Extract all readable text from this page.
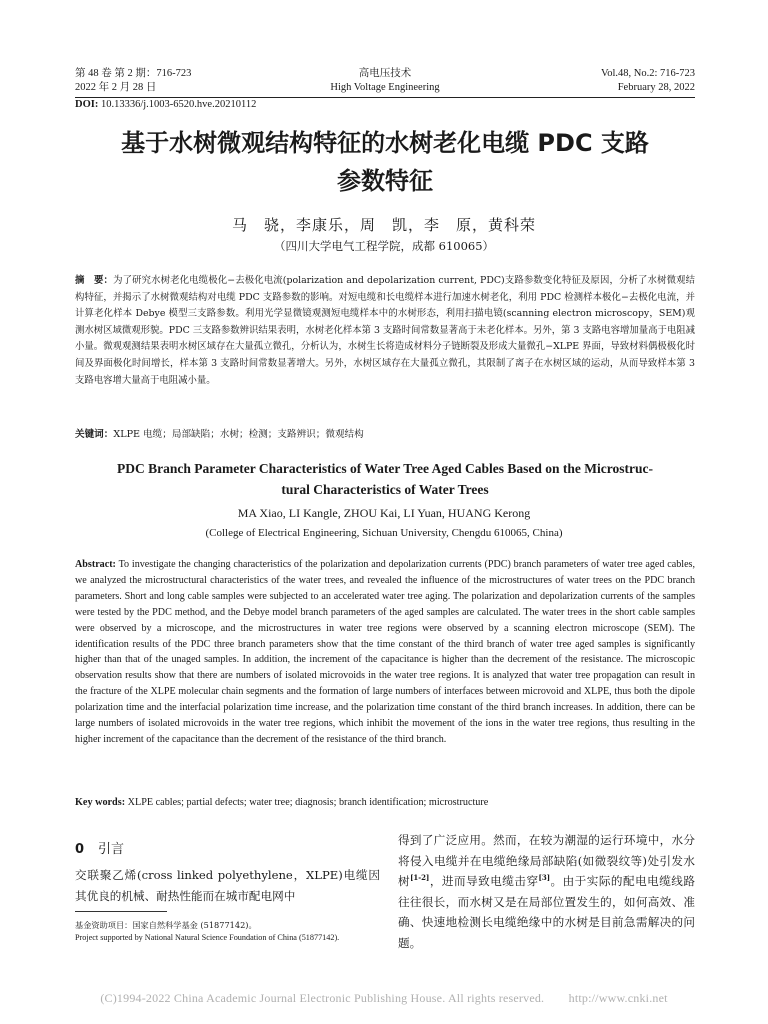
第 48 卷 第 2 期：716-723
2022 年 2 月 28 日
高电压技术
High Voltage Engineering
Vol.48, No.2: 716-723
February 28, 2022
DOI: 10.13336/j.1003-6520.hve.20210112
基于水树微观结构特征的水树老化电缆 PDC 支路
参数特征
马　骁，李康乐，周　凯，李　原，黄科荣
（四川大学电气工程学院，成都 610065）
摘　要：为了研究水树老化电缆极化−去极化电流(polarization and depolarization current, PDC)支路参数变化特征及原因，分析了水树微观结构特征，并揭示了水树微观结构对电缆 PDC 支路参数的影响。对短电缆和长电缆样本进行加速水树老化，利用 PDC 检测样本极化−去极化电流，并计算老化样本 Debye 模型三支路参数。利用光学显微镜观测短电缆样本中的水树形态，利用扫描电镜(scanning electron microscopy，SEM)观测水树区域微观形貌。PDC 三支路参数辨识结果表明，水树老化样本第 3 支路时间常数显著高于未老化样本。另外，第 3 支路电容增加量高于电阻减小量。微观观测结果表明水树区域存在大量孤立微孔，分析认为，水树生长将造成材料分子链断裂及形成大量微孔−XLPE 界面，导致材料偶极极化时间及界面极化时间增长，样本第 3 支路时间常数显著增大。另外，水树区域存在大量孤立微孔，其限制了离子在水树区域的运动，从而导致样本第 3 支路电容增大量高于电阻减小量。
关键词：XLPE 电缆；局部缺陷；水树；检测；支路辨识；微观结构
PDC Branch Parameter Characteristics of Water Tree Aged Cables Based on the Microstruc-
tural Characteristics of Water Trees
MA Xiao, LI Kangle, ZHOU Kai, LI Yuan, HUANG Kerong
(College of Electrical Engineering, Sichuan University, Chengdu 610065, China)
Abstract: To investigate the changing characteristics of the polarization and depolarization currents (PDC) branch parameters of water tree aged cables, we analyzed the microstructural characteristics of the water trees, and revealed the influence of the microstructures of water trees on the PDC branch parameters. Short and long cable samples were subjected to an accelerated water tree aging. The polarization and depolarization currents of the samples were tested by the PDC method, and the Debye model branch parameters of the aged samples are calculated. The water trees in the short cable samples were observed by a microscope, and the microstructures in water tree regions were observed by a scanning electron microscope (SEM). The identification results of the PDC three branch parameters show that the time constant of the third branch of water tree aged samples is significantly higher than that of the unaged samples. In addition, the increment of the capacitance is higher than the decrement of the resistance. The microscopic observation results show that there are numbers of isolated microvoids in the water tree regions. It is analyzed that water tree propagation can result in the fracture of the XLPE molecular chain segments and the formation of large numbers of interfaces between microvoid and XLPE, thus both the dipole polarization time and the interfacial polarization time increase, and the polarization time constant of the third branch increases. In addition, there can be large numbers of isolated microvoids in the water tree regions, which inhibit the movement of the ions in the water tree regions, thus resulting in the higher increment of the capacitance than the decrement of the resistance of the third branch.
Key words: XLPE cables; partial defects; water tree; diagnosis; branch identification; microstructure
0 引言
交联聚乙烯(cross linked polyethylene，XLPE)电缆因其优良的机械、耐热性能而在城市配电网中
得到了广泛应用。然而，在较为潮湿的运行环境中，水分将侵入电缆并在电缆绝缘局部缺陷(如微裂纹等)处引发水树[1-2]，进而导致电缆击穿[3]。由于实际的配电电缆线路往往很长，而水树又是在局部位置发生的，如何高效、准确、快速地检测长电缆绝缘中的水树是目前急需解决的问题。
基金资助项目：国家自然科学基金 (51877142)。
Project supported by National Natural Science Foundation of China (51877142).
(C)1994-2022 China Academic Journal Electronic Publishing House. All rights reserved.　　http://www.cnki.net
